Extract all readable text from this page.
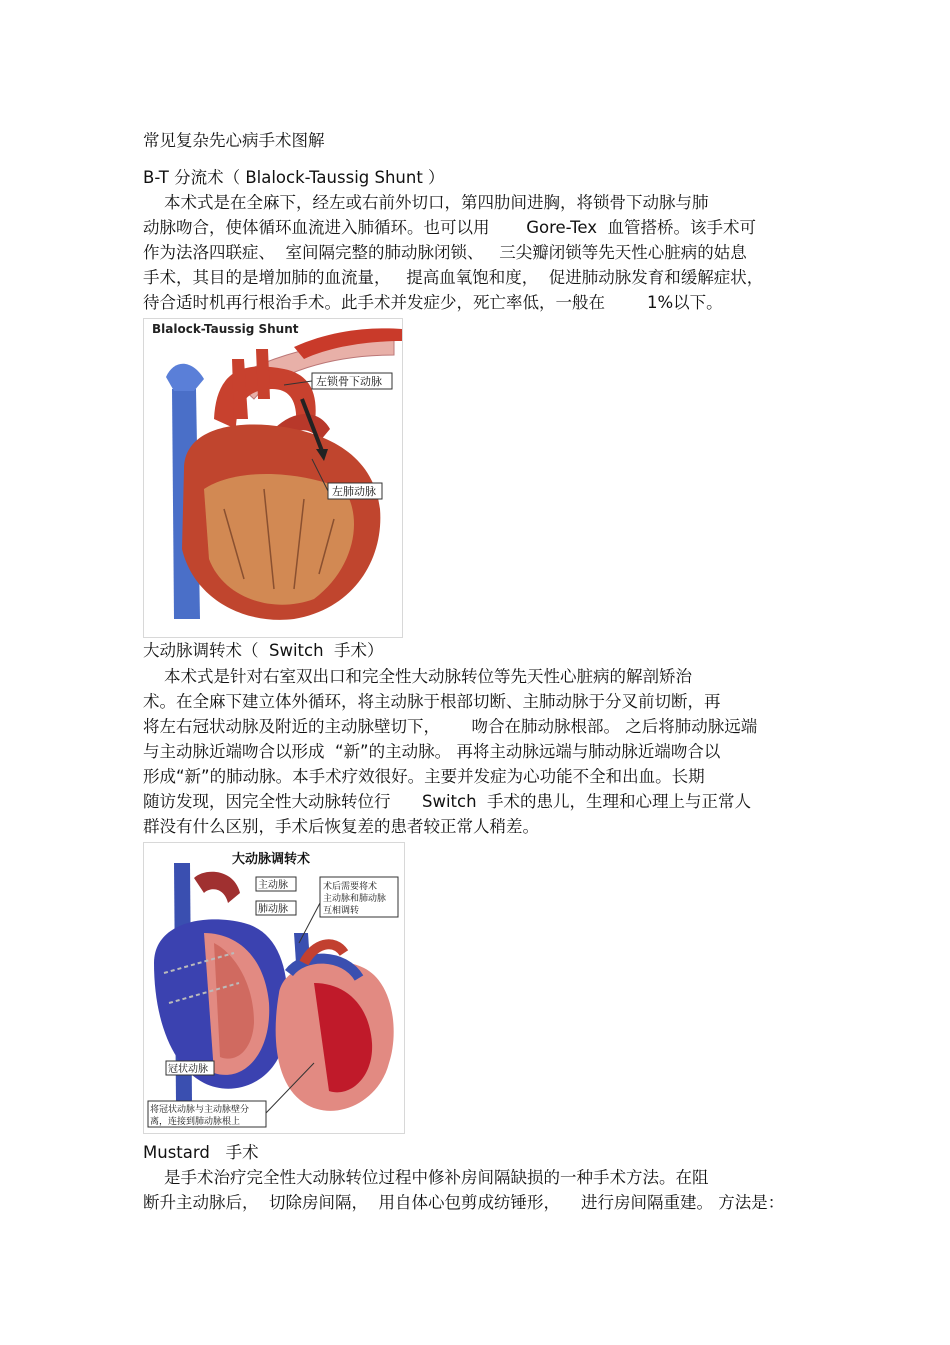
常见复杂先心病手术图解
B-T 分流术（ Blalock-Taussig Shunt ）
本术式是在全麻下，经左或右前外切口，第四肋间进胸，将锁骨下动脉与肺
动脉吻合，使体循环血流进入肺循环。也可以用       Gore-Tex  血管搭桥。该手术可
作为法洛四联症、  室间隔完整的肺动脉闭锁、   三尖瓣闭锁等先天性心脏病的姑息
手术，其目的是增加肺的血流量，   提高血氧饱和度，  促进肺动脉发育和缓解症状，
待合适时机再行根治手术。此手术并发症少，死亡率低，一般在        1%以下。
Blalock-Taussig Shunt
左锁骨下动脉
左肺动脉
大动脉调转术（  Switch  手术）
本术式是针对右室双出口和完全性大动脉转位等先天性心脏病的解剖矫治
术。在全麻下建立体外循环，将主动脉于根部切断、主肺动脉于分叉前切断，再
将左右冠状动脉及附近的主动脉壁切下，      吻合在肺动脉根部。 之后将肺动脉远端
与主动脉近端吻合以形成  “新”的主动脉。 再将主动脉远端与肺动脉近端吻合以
形成“新”的肺动脉。本手术疗效很好。主要并发症为心功能不全和出血。长期
随访发现，因完全性大动脉转位行      Switch  手术的患儿，生理和心理上与正常人
群没有什么区别，手术后恢复差的患者较正常人稍差。
大动脉调转术
主动脉
肺动脉
术后需要将术
主动脉和肺动脉
互相调转
冠状动脉
将冠状动脉与主动脉壁分
离，连接到肺动脉根上
Mustard   手术
是手术治疗完全性大动脉转位过程中修补房间隔缺损的一种手术方法。在阻
断升主动脉后，  切除房间隔，  用自体心包剪成纺锤形，    进行房间隔重建。 方法是：
